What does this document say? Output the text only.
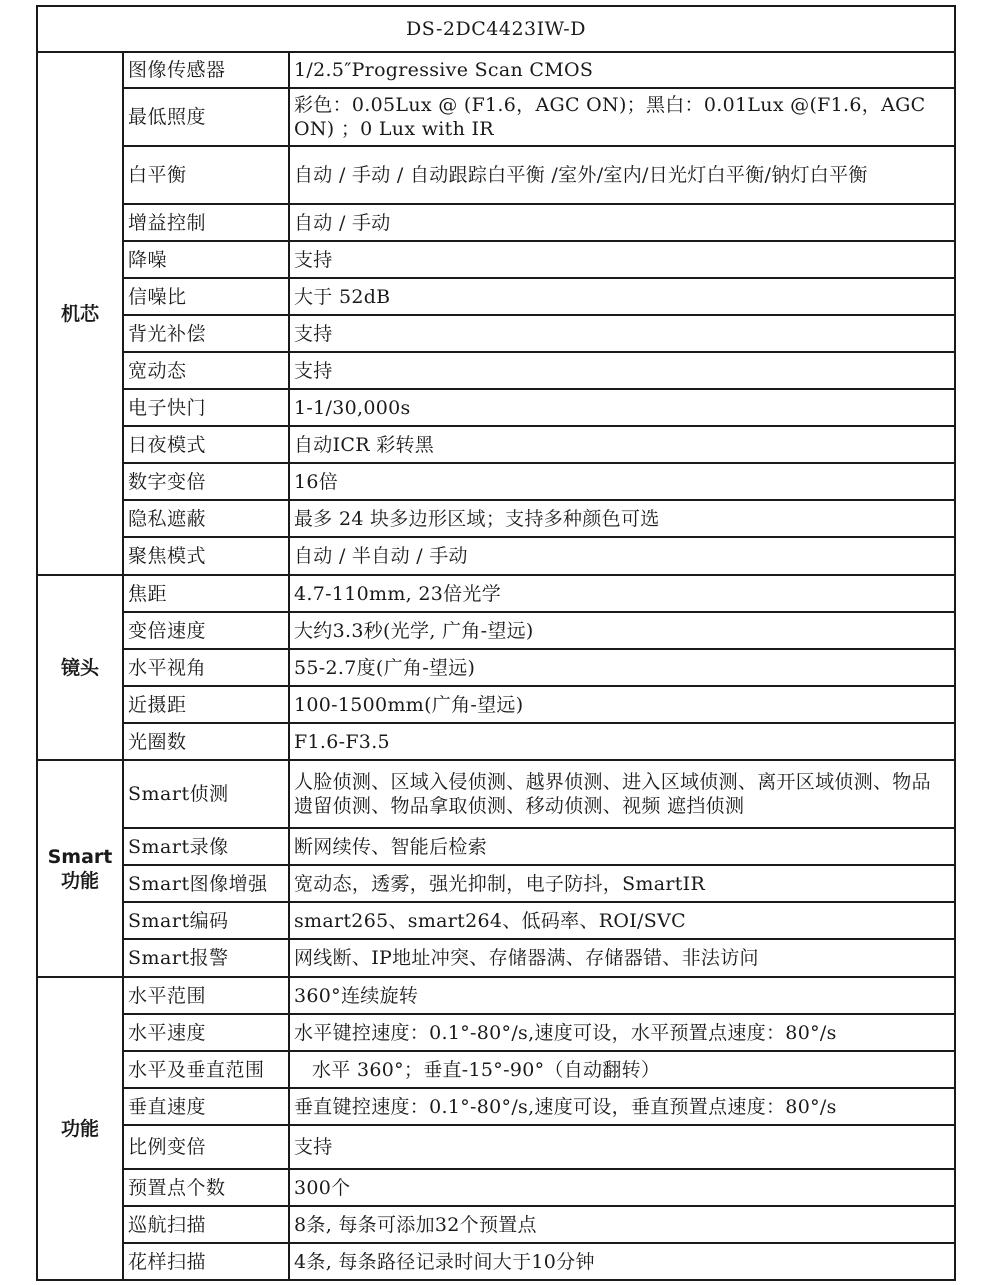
DS-2DC4423IW-D		
机芯	图像传感器	1/2.5″Progressive Scan CMOS
	最低照度	彩色：0.05Lux @ (F1.6，AGC ON)；黑白：0.01Lux @(F1.6，AGC ON) ；0 Lux with IR
	白平衡	自动 / 手动 / 自动跟踪白平衡 /室外/室内/日光灯白平衡/钠灯白平衡
	增益控制	自动 / 手动
	降噪	支持
	信噪比	大于 52dB
	背光补偿	支持
	宽动态	支持
	电子快门	1-1/30,000s
	日夜模式	自动ICR 彩转黑
	数字变倍	16倍
	隐私遮蔽	最多 24 块多边形区域；支持多种颜色可选
	聚焦模式	自动 / 半自动 / 手动
镜头	焦距	4.7-110mm, 23倍光学
	变倍速度	大约3.3秒(光学, 广角-望远)
	水平视角	55-2.7度(广角-望远)
	近摄距	100-1500mm(广角-望远)
	光圈数	F1.6-F3.5
Smart功能	Smart侦测	人脸侦测、区域入侵侦测、越界侦测、进入区域侦测、离开区域侦测、物品遗留侦测、物品拿取侦测、移动侦测、视频 遮挡侦测
	Smart录像	断网续传、智能后检索
	Smart图像增强	宽动态，透雾，强光抑制，电子防抖，SmartIR
	Smart编码	smart265、smart264、低码率、ROI/SVC
	Smart报警	网线断、IP地址冲突、存储器满、存储器错、非法访问
功能	水平范围	360°连续旋转
	水平速度	水平键控速度：0.1°-80°/s,速度可设，水平预置点速度：80°/s
	水平及垂直范围	水平 360°；垂直-15°-90°（自动翻转）
	垂直速度	垂直键控速度：0.1°-80°/s,速度可设，垂直预置点速度：80°/s
	比例变倍	支持
	预置点个数	300个
	巡航扫描	8条, 每条可添加32个预置点
	花样扫描	4条, 每条路径记录时间大于10分钟
